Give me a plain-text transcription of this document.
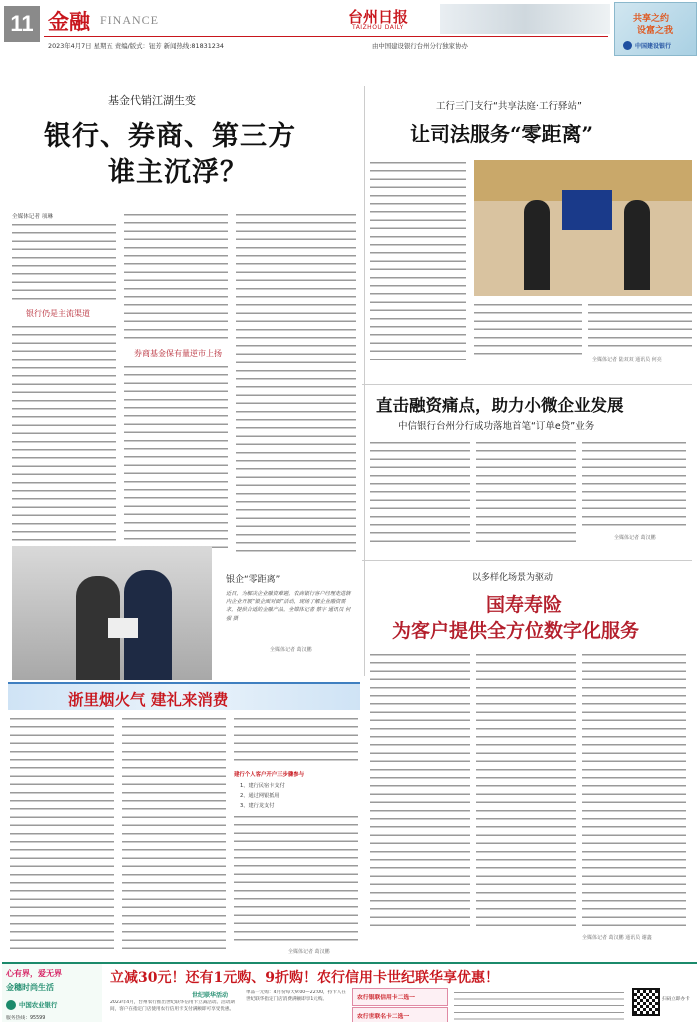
11 金融 FINANCE	台州日报
TAIZHOU DAILY
2023年4月7日 星期五 责编/版式：钮芳 新闻热线:81831234	由中国建设银行台州分行独家协办
共享之约
设富之我
中国建设银行
基金代销江湖生变
银行、券商、第三方
谁主沉浮？
全媒体记者 项琳
银行仍是主流渠道
券商基金保有量逆市上扬
银企“零距离”
近日，为解决企业融资难题，农商银行客户经理走进辖内企业开展“银企面对面”活动，现场了解企业融资需求，提供合适的金融产品。全媒体记者 蔡宇 通讯员 何强 摄
全媒体记者 葛汉鹏
工行三门支行“共享法庭·工行驿站”
让司法服务“零距离”
全媒体记者 陆双双 通讯员 何亮
直击融资痛点，助力小微企业发展
中信银行台州分行成功落地首笔“订单e贷”业务
全媒体记者 葛汉鹏
以多样化场景为驱动
国寿寿险
为客户提供全方位数字化服务
全媒体记者 葛汉鹏 通讯员 谢鑫
浙里烟火气 建礼来消费
建行个人客户开户三步骤参与
1、建行民宿卡支付
2、通过网银抵用
3、建行龙支付
全媒体记者 葛汉鹏
心有界，爱无界
金穗时尚生活
中国农业银行
服务热线：95599
立减30元！还有1元购、9折购！农行信用卡世纪联华享优惠！
世纪联华活动
2023年4月，台州农行推出世纪联华信用卡立减活动。活动期间，客户在指定门店使用农行信用卡支付满额即可享受优惠。
单品一元购：4月份每天9:00—22:00，持卡人在世纪联华指定门店消费满额即享1元购。	农行银联信用卡二选一
农行世联名卡二选一
扫码立即办卡
